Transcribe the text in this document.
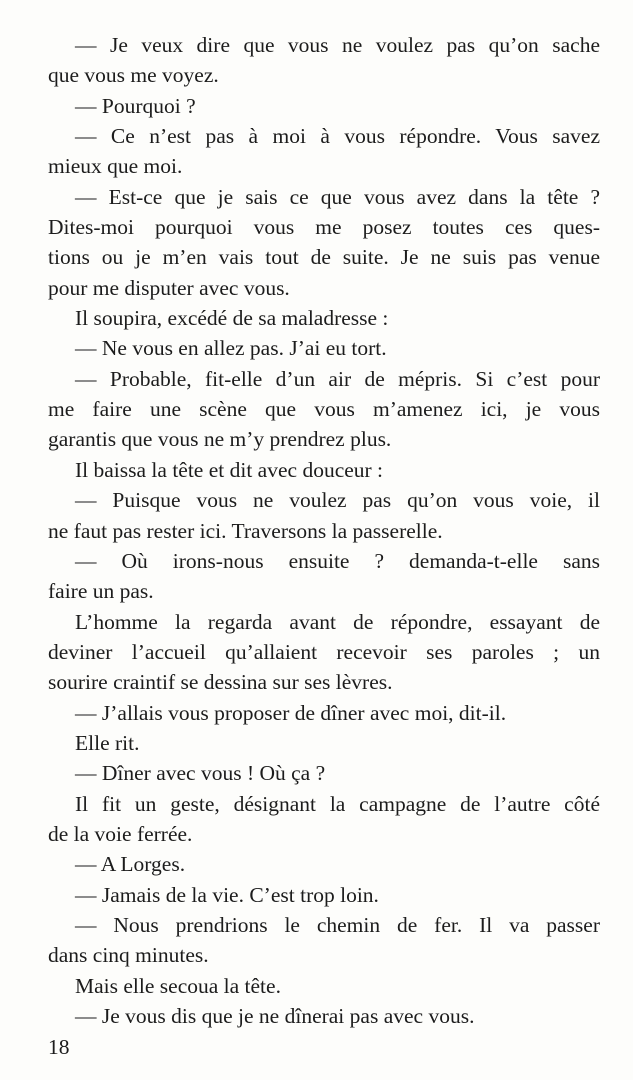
— Je veux dire que vous ne voulez pas qu’on sache
que vous me voyez.
— Pourquoi ?
— Ce n’est pas à moi à vous répondre. Vous savez
mieux que moi.
— Est-ce que je sais ce que vous avez dans la tête ?
Dites-moi pourquoi vous me posez toutes ces ques-
tions ou je m’en vais tout de suite. Je ne suis pas venue
pour me disputer avec vous.
Il soupira, excédé de sa maladresse :
— Ne vous en allez pas. J’ai eu tort.
— Probable, fit-elle d’un air de mépris. Si c’est pour
me faire une scène que vous m’amenez ici, je vous
garantis que vous ne m’y prendrez plus.
Il baissa la tête et dit avec douceur :
— Puisque vous ne voulez pas qu’on vous voie, il
ne faut pas rester ici. Traversons la passerelle.
— Où irons-nous ensuite ? demanda-t-elle sans
faire un pas.
L’homme la regarda avant de répondre, essayant de
deviner l’accueil qu’allaient recevoir ses paroles ; un
sourire craintif se dessina sur ses lèvres.
— J’allais vous proposer de dîner avec moi, dit-il.
Elle rit.
— Dîner avec vous ! Où ça ?
Il fit un geste, désignant la campagne de l’autre côté
de la voie ferrée.
— A Lorges.
— Jamais de la vie. C’est trop loin.
— Nous prendrions le chemin de fer. Il va passer
dans cinq minutes.
Mais elle secoua la tête.
— Je vous dis que je ne dînerai pas avec vous.
18
